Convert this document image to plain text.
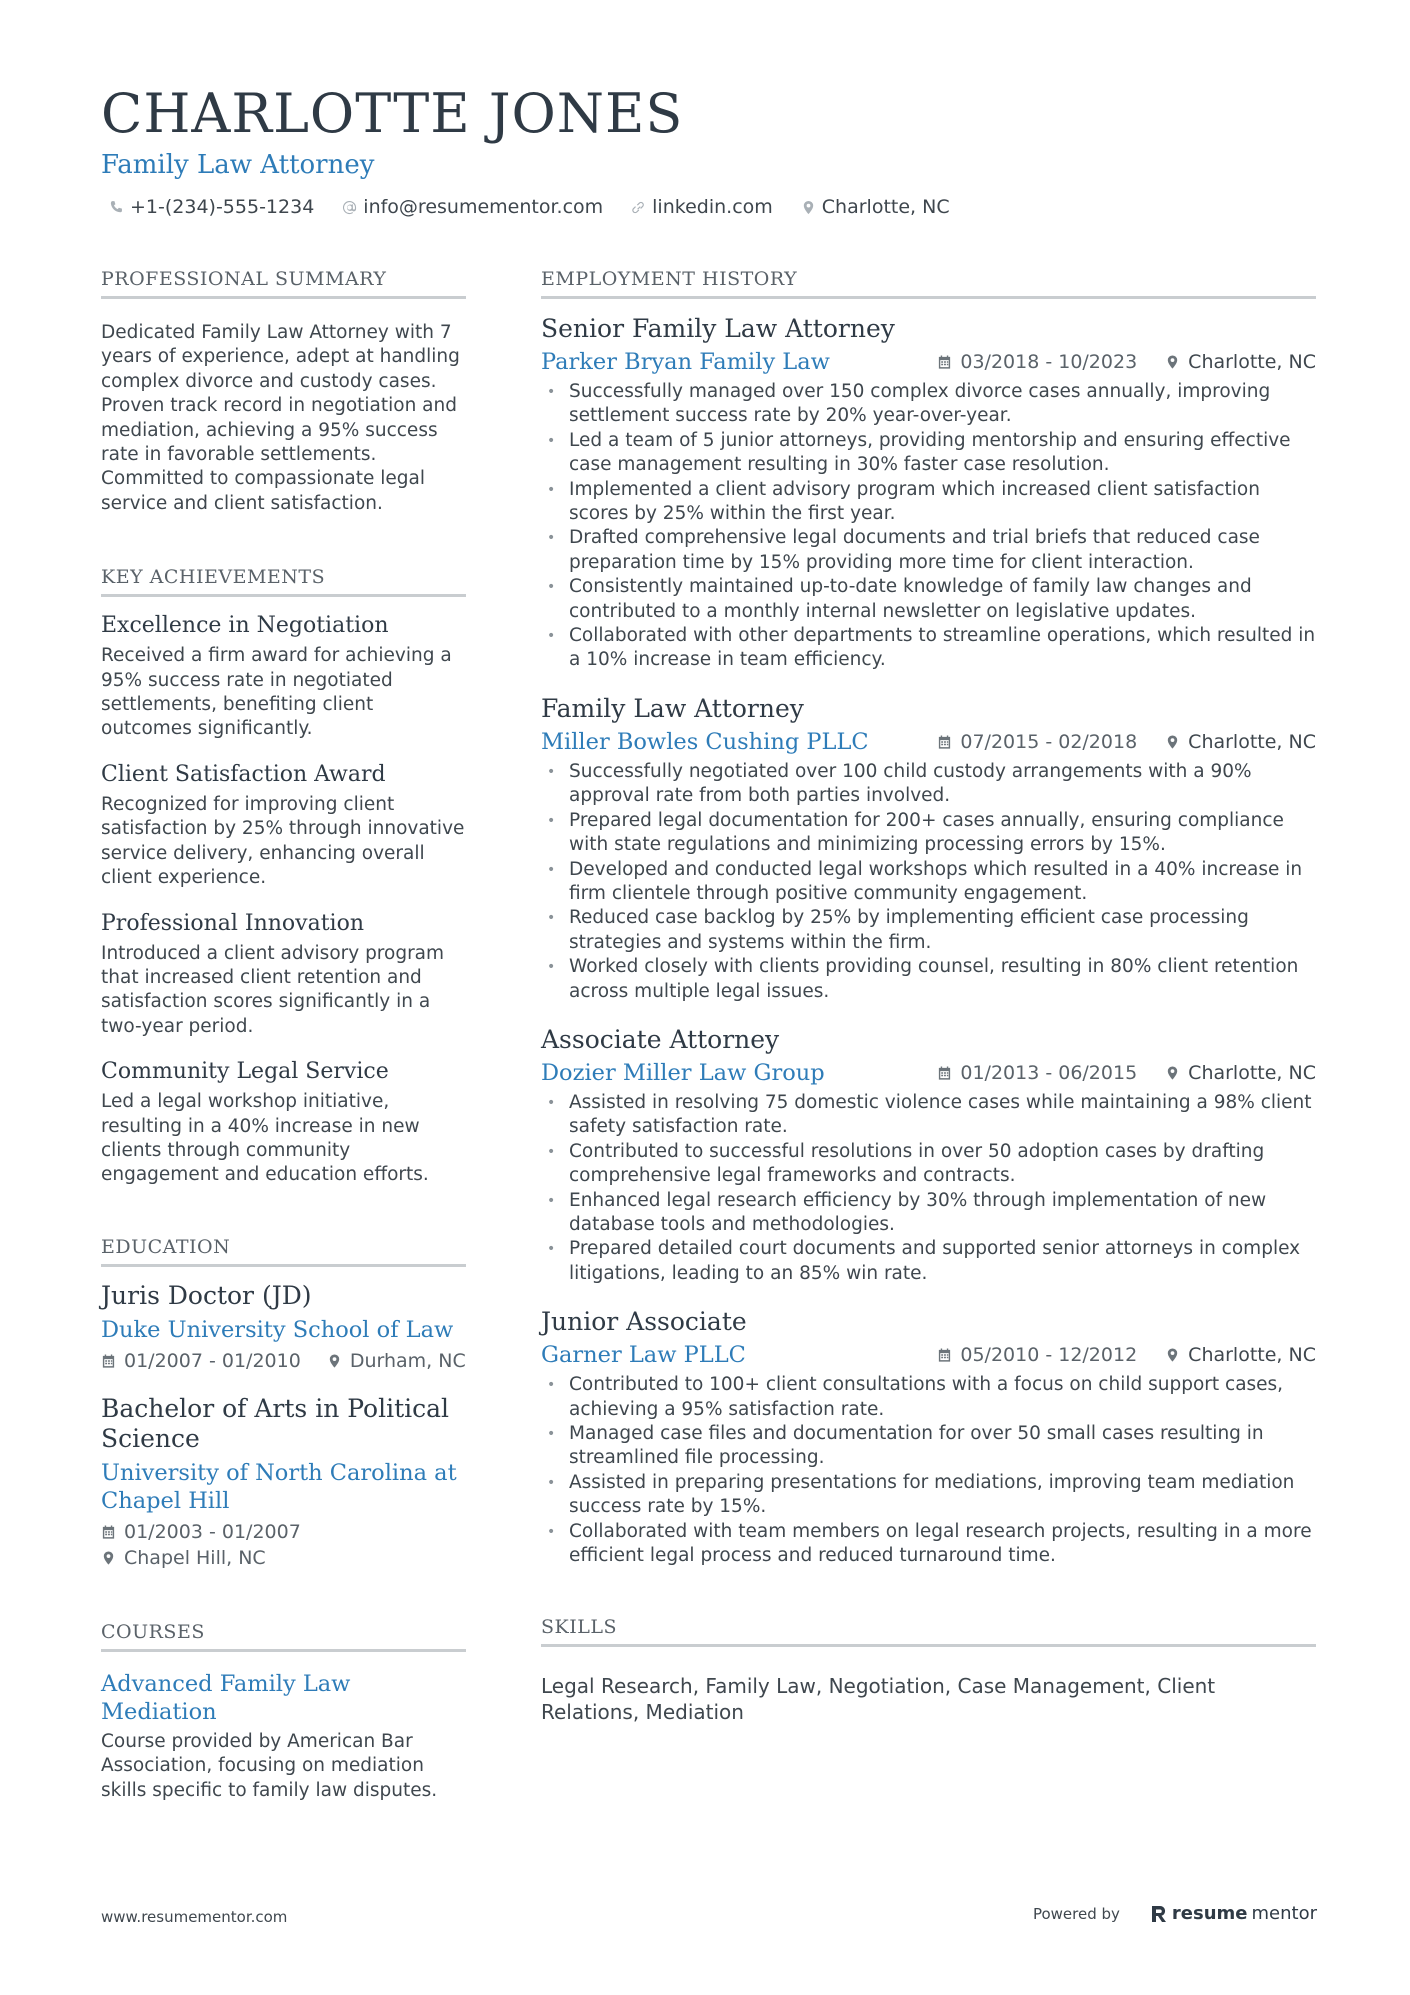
CHARLOTTE JONES
Family Law Attorney
+1-(234)-555-1234	info@resumementor.com	linkedin.com	Charlotte, NC
PROFESSIONAL SUMMARY
Dedicated Family Law Attorney with 7 years of experience, adept at handling complex divorce and custody cases. Proven track record in negotiation and mediation, achieving a 95% success rate in favorable settlements. Committed to compassionate legal service and client satisfaction.
KEY ACHIEVEMENTS
Excellence in Negotiation
Received a firm award for achieving a 95% success rate in negotiated settlements, benefiting client outcomes significantly.
Client Satisfaction Award
Recognized for improving client satisfaction by 25% through innovative service delivery, enhancing overall client experience.
Professional Innovation
Introduced a client advisory program that increased client retention and satisfaction scores significantly in a two-year period.
Community Legal Service
Led a legal workshop initiative, resulting in a 40% increase in new clients through community engagement and education efforts.
EDUCATION
Juris Doctor (JD)
Duke University School of Law
01/2007 - 01/2010	Durham, NC
Bachelor of Arts in Political Science
University of North Carolina at Chapel Hill
01/2003 - 01/2007
Chapel Hill, NC
COURSES
Advanced Family Law Mediation
Course provided by American Bar Association, focusing on mediation skills specific to family law disputes.
EMPLOYMENT HISTORY
Senior Family Law Attorney
Parker Bryan Family Law	03/2018 - 10/2023	Charlotte, NC
• Successfully managed over 150 complex divorce cases annually, improving settlement success rate by 20% year-over-year.
• Led a team of 5 junior attorneys, providing mentorship and ensuring effective case management resulting in 30% faster case resolution.
• Implemented a client advisory program which increased client satisfaction scores by 25% within the first year.
• Drafted comprehensive legal documents and trial briefs that reduced case preparation time by 15% providing more time for client interaction.
• Consistently maintained up-to-date knowledge of family law changes and contributed to a monthly internal newsletter on legislative updates.
• Collaborated with other departments to streamline operations, which resulted in a 10% increase in team efficiency.
Family Law Attorney
Miller Bowles Cushing PLLC	07/2015 - 02/2018	Charlotte, NC
• Successfully negotiated over 100 child custody arrangements with a 90% approval rate from both parties involved.
• Prepared legal documentation for 200+ cases annually, ensuring compliance with state regulations and minimizing processing errors by 15%.
• Developed and conducted legal workshops which resulted in a 40% increase in firm clientele through positive community engagement.
• Reduced case backlog by 25% by implementing efficient case processing strategies and systems within the firm.
• Worked closely with clients providing counsel, resulting in 80% client retention across multiple legal issues.
Associate Attorney
Dozier Miller Law Group	01/2013 - 06/2015	Charlotte, NC
• Assisted in resolving 75 domestic violence cases while maintaining a 98% client safety satisfaction rate.
• Contributed to successful resolutions in over 50 adoption cases by drafting comprehensive legal frameworks and contracts.
• Enhanced legal research efficiency by 30% through implementation of new database tools and methodologies.
• Prepared detailed court documents and supported senior attorneys in complex litigations, leading to an 85% win rate.
Junior Associate
Garner Law PLLC	05/2010 - 12/2012	Charlotte, NC
• Contributed to 100+ client consultations with a focus on child support cases, achieving a 95% satisfaction rate.
• Managed case files and documentation for over 50 small cases resulting in streamlined file processing.
• Assisted in preparing presentations for mediations, improving team mediation success rate by 15%.
• Collaborated with team members on legal research projects, resulting in a more efficient legal process and reduced turnaround time.
SKILLS
Legal Research, Family Law, Negotiation, Case Management, Client Relations, Mediation
www.resumementor.com	Powered by	resume mentor
